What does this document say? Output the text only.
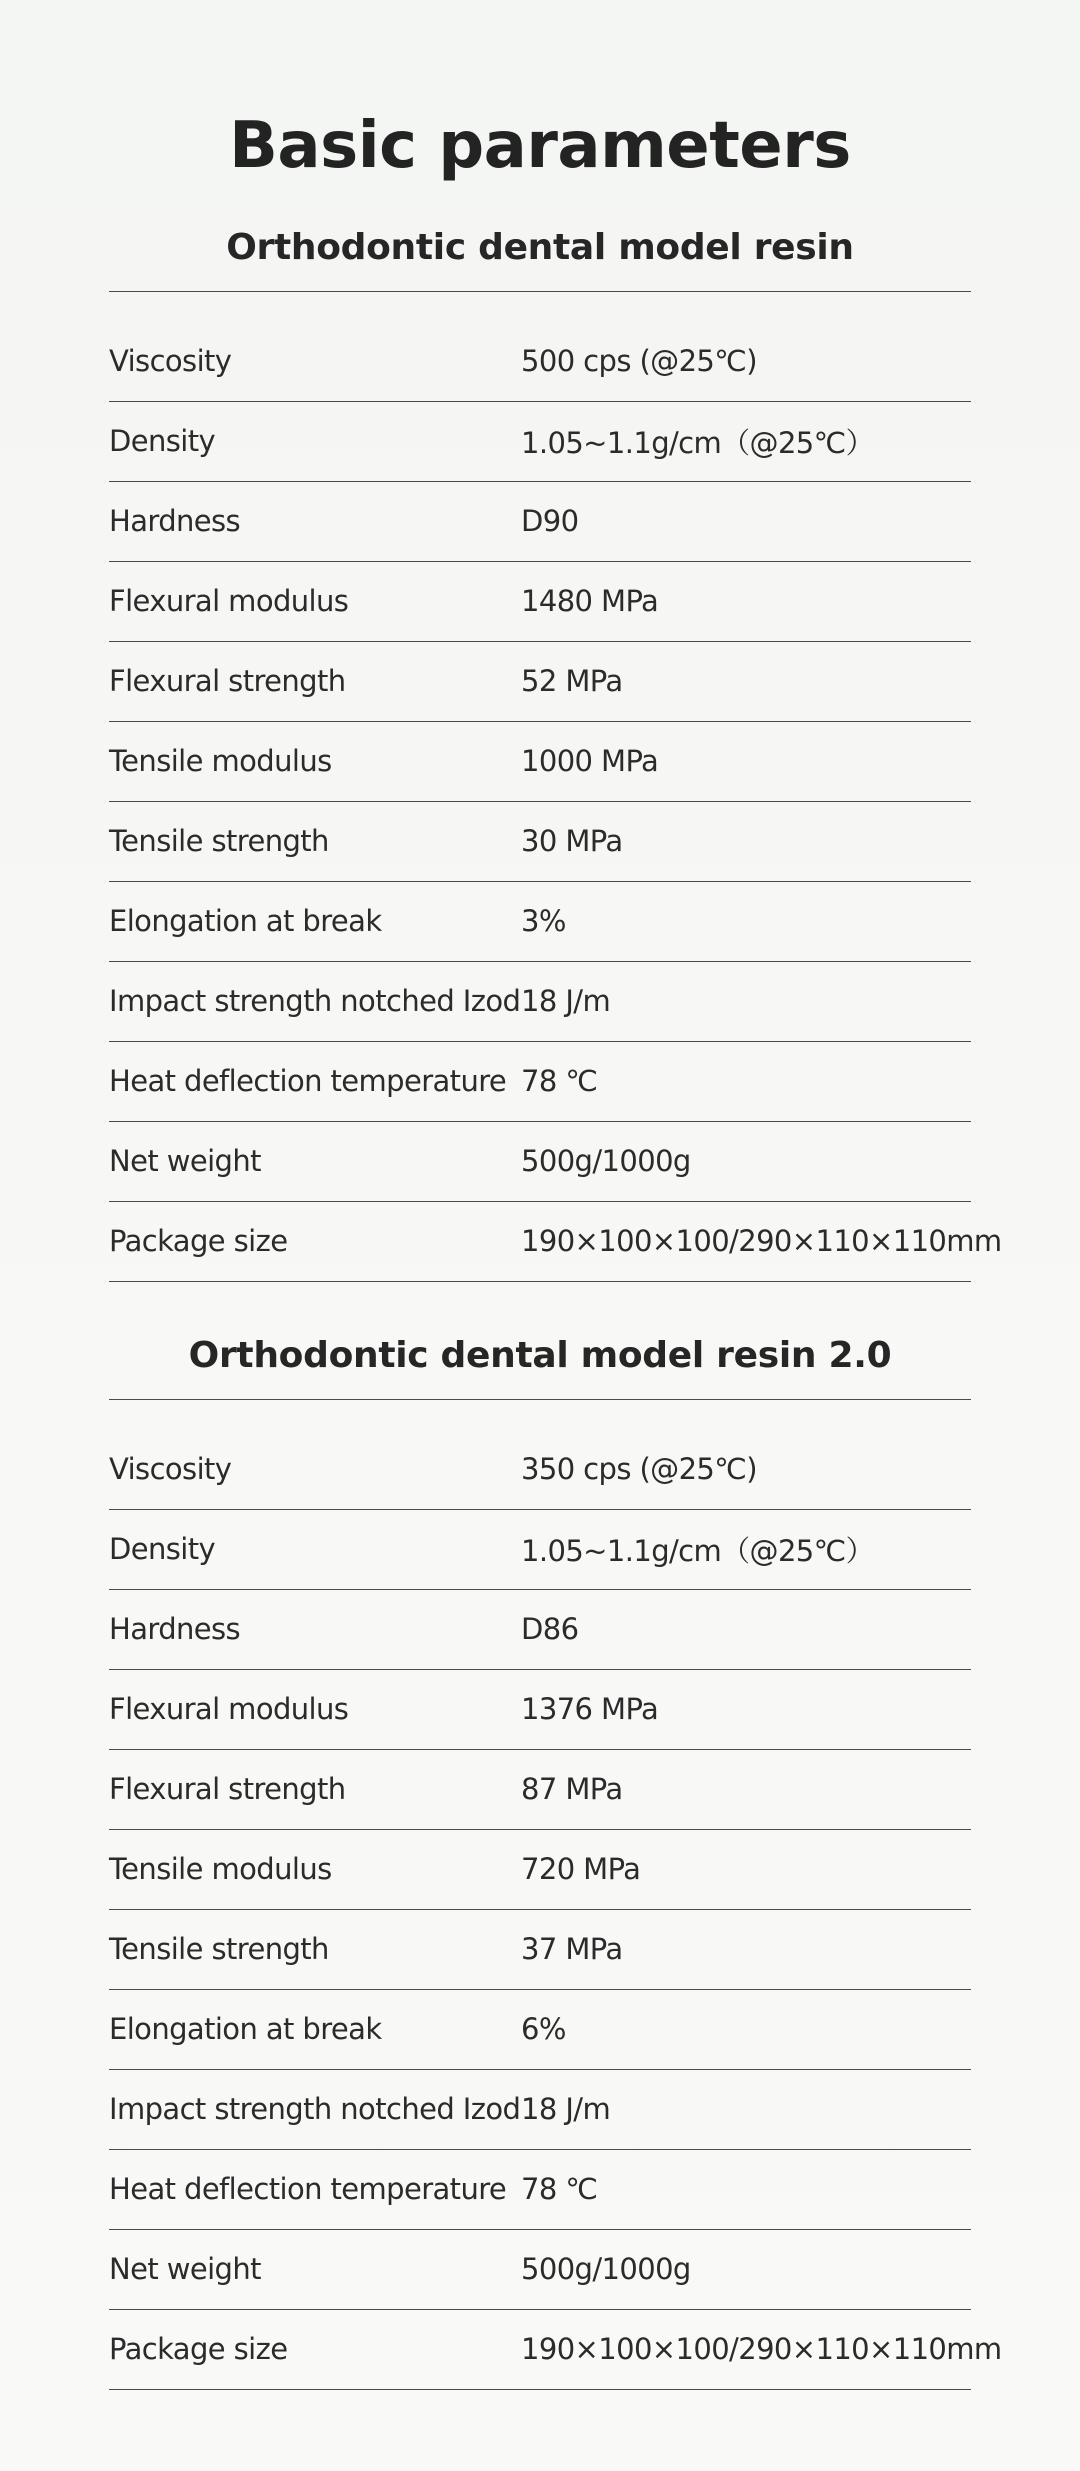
Basic parameters
Orthodontic dental model resin
Viscosity	500 cps (@25℃)
Density	1.05~1.1g/cm（@25℃）
Hardness	D90
Flexural modulus	1480 MPa
Flexural strength	52 MPa
Tensile modulus	1000 MPa
Tensile strength	30 MPa
Elongation at break	3%
Impact strength notched Izod 18 J/m
Heat deflection temperature 78 ℃
Net weight	500g/1000g
Package size	190×100×100/290×110×110mm
Orthodontic dental model resin 2.0
Viscosity	350 cps (@25℃)
Density	1.05~1.1g/cm（@25℃）
Hardness	D86
Flexural modulus	1376 MPa
Flexural strength	87 MPa
Tensile modulus	720 MPa
Tensile strength	37 MPa
Elongation at break	6%
Impact strength notched Izod 18 J/m
Heat deflection temperature 78 ℃
Net weight	500g/1000g
Package size	190×100×100/290×110×110mm
